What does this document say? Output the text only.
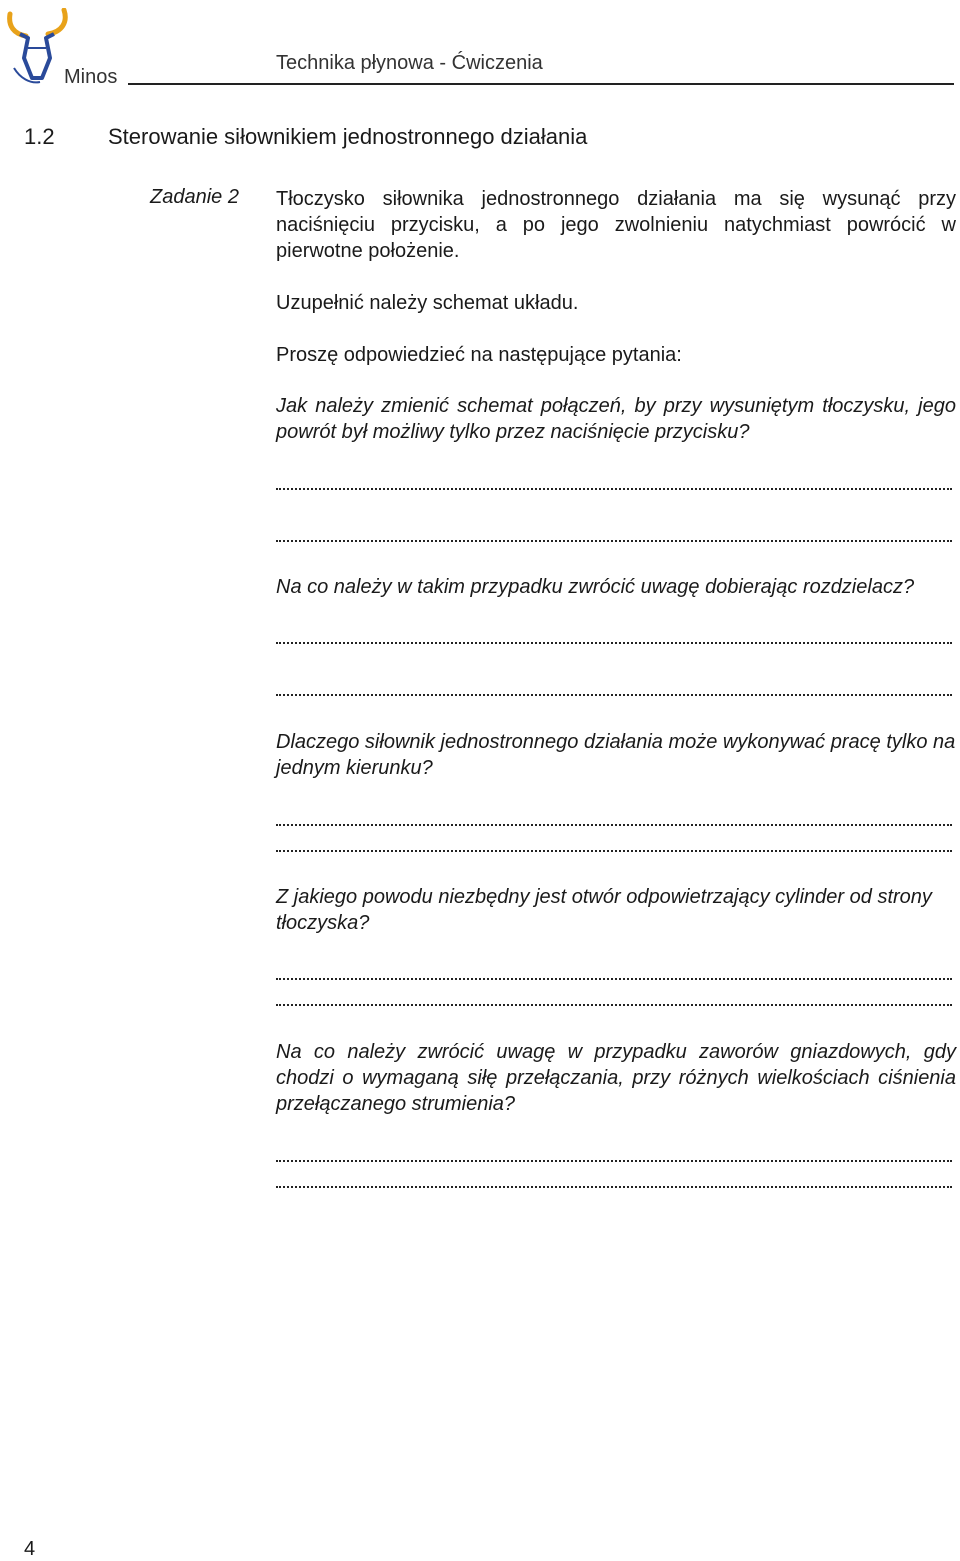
Minos
Technika płynowa - Ćwiczenia
1.2 Sterowanie siłownikiem jednostronnego działania
Zadanie 2 Tłoczysko siłownika jednostronnego działania ma się wysunąć przy naciśnięciu przycisku, a po jego zwolnieniu natychmiast powrócić w pierwotne położenie.
Uzupełnić należy schemat układu.
Proszę odpowiedzieć na następujące pytania:
Jak należy zmienić schemat połączeń, by przy wysuniętym tłoczysku, jego powrót był możliwy tylko przez naciśnięcie przycisku?
Na co należy w takim przypadku zwrócić uwagę dobierając rozdzielacz?
Dlaczego siłownik jednostronnego działania może wykonywać pracę tylko na jednym kierunku?
Z jakiego powodu niezbędny jest otwór odpowietrzający cylinder od strony tłoczyska?
Na co należy zwrócić uwagę w przypadku zaworów gniazdowych, gdy chodzi o wymaganą siłę przełączania, przy różnych wielkościach ciśnienia przełączanego strumienia?
4
